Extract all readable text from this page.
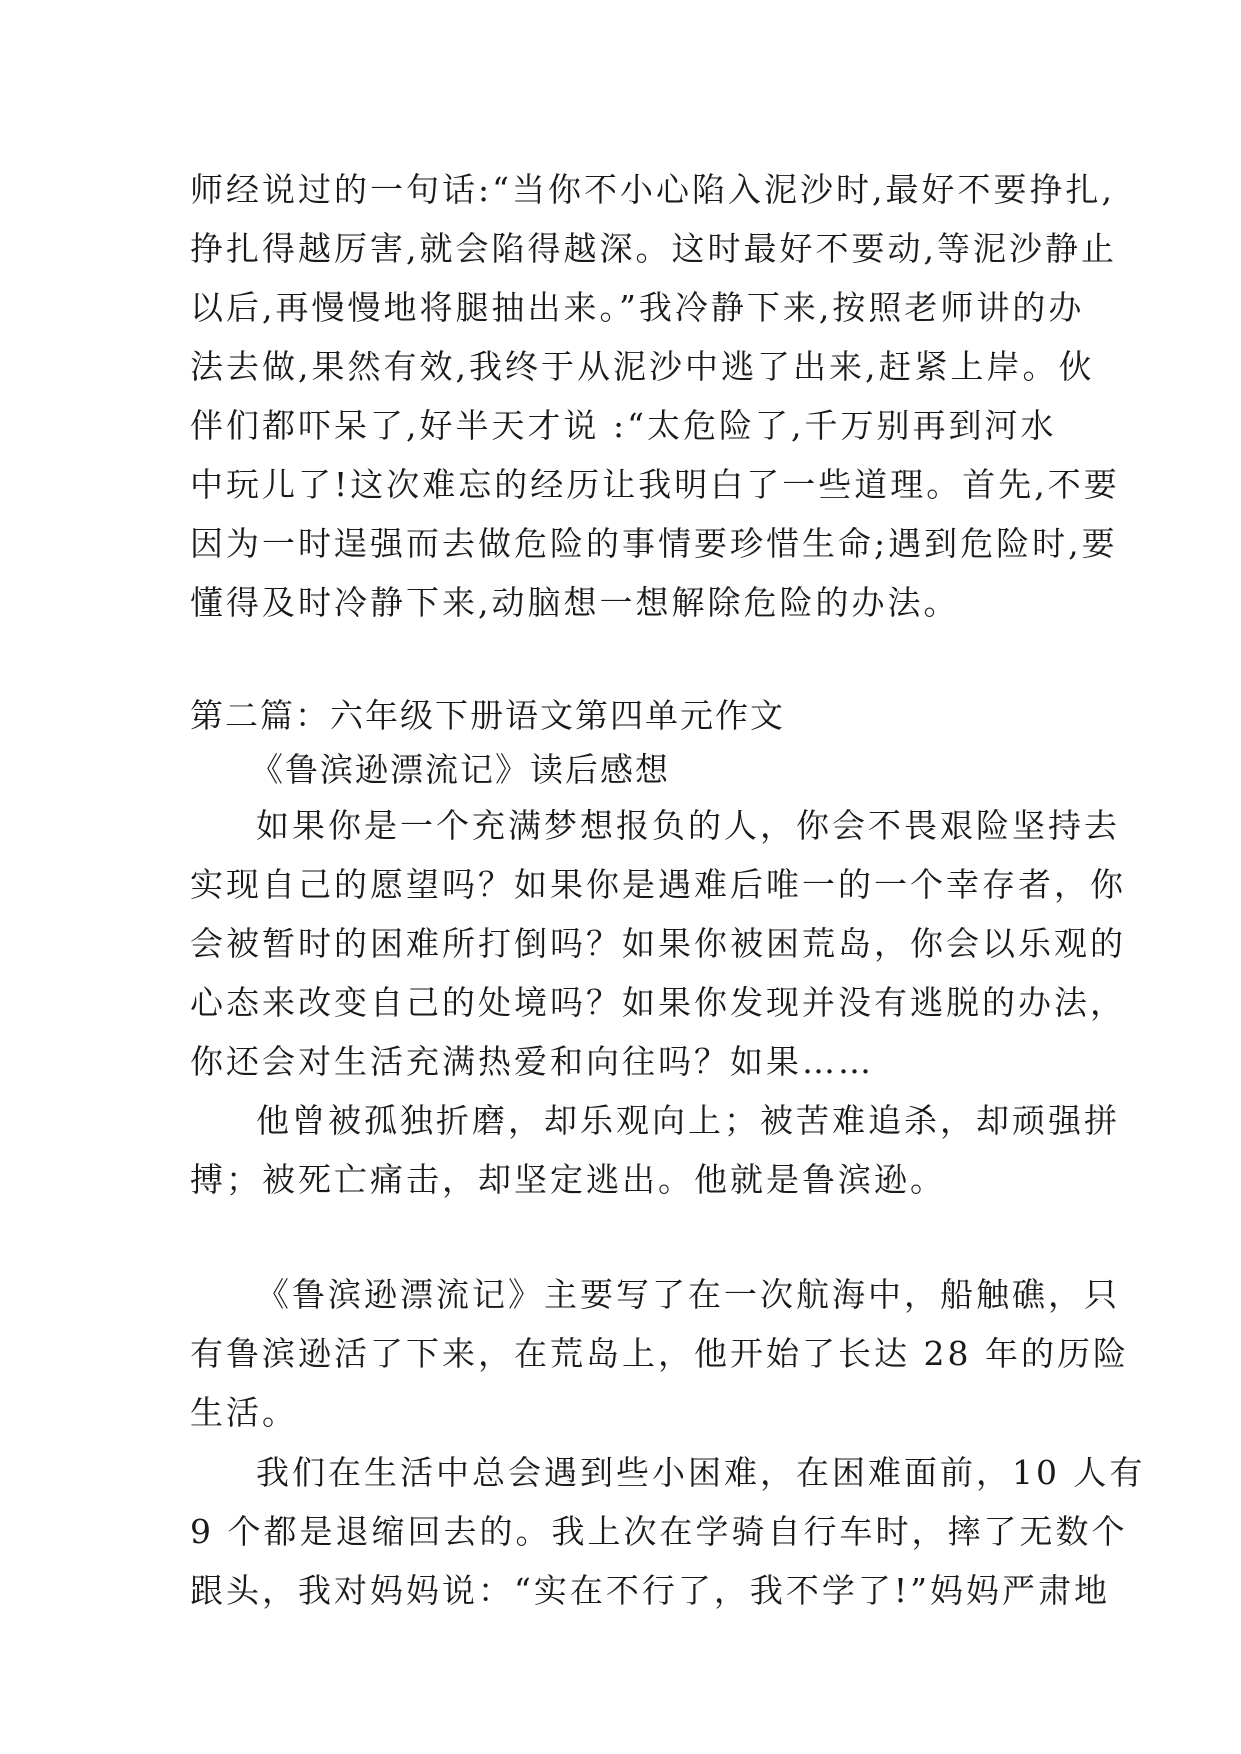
师经说过的一句话:“当你不小心陷入泥沙时,最好不要挣扎,
挣扎得越厉害,就会陷得越深。这时最好不要动,等泥沙静止
以后,再慢慢地将腿抽出来。”我冷静下来,按照老师讲的办
法去做,果然有效,我终于从泥沙中逃了出来,赶紧上岸。伙
伴们都吓呆了,好半天才说 :“太危险了,千万别再到河水
中玩儿了!这次难忘的经历让我明白了一些道理。首先,不要
因为一时逞强而去做危险的事情要珍惜生命;遇到危险时,要
懂得及时冷静下来,动脑想一想解除危险的办法。

第二篇：六年级下册语文第四单元作文
《鲁滨逊漂流记》读后感想

如果你是一个充满梦想报负的人，你会不畏艰险坚持去
实现自己的愿望吗？如果你是遇难后唯一的一个幸存者，你
会被暂时的困难所打倒吗？如果你被困荒岛，你会以乐观的
心态来改变自己的处境吗？如果你发现并没有逃脱的办法，
你还会对生活充满热爱和向往吗？如果……

他曾被孤独折磨，却乐观向上；被苦难追杀，却顽强拼
搏；被死亡痛击，却坚定逃出。他就是鲁滨逊。

《鲁滨逊漂流记》主要写了在一次航海中，船触礁，只
有鲁滨逊活了下来，在荒岛上，他开始了长达 28 年的历险
生活。

我们在生活中总会遇到些小困难，在困难面前，10 人有
9 个都是退缩回去的。我上次在学骑自行车时，摔了无数个
跟头，我对妈妈说：“实在不行了，我不学了!”妈妈严肃地
